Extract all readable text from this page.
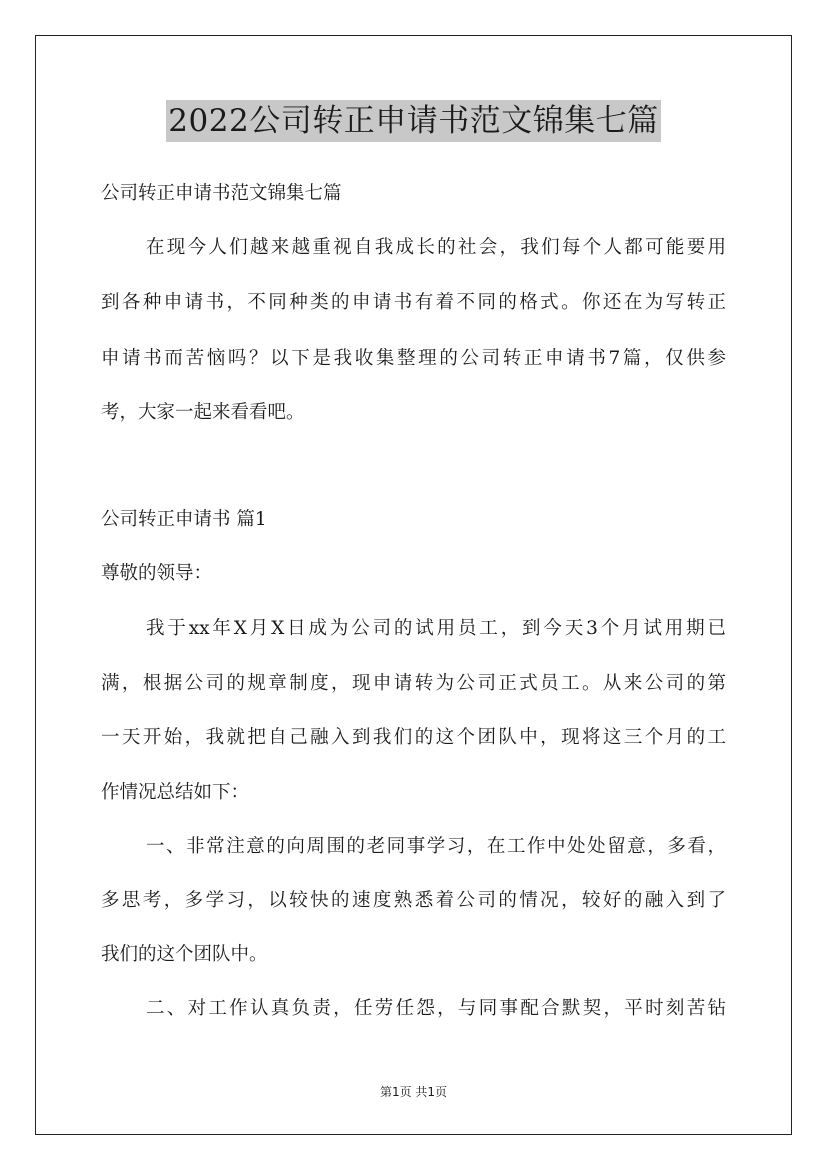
2022公司转正申请书范文锦集七篇
公司转正申请书范文锦集七篇
在现今人们越来越重视自我成长的社会，我们每个人都可能要用
到各种申请书，不同种类的申请书有着不同的格式。你还在为写转正
申请书而苦恼吗？以下是我收集整理的公司转正申请书7篇，仅供参
考，大家一起来看看吧。
公司转正申请书 篇1
尊敬的领导：
我于xx年X月X日成为公司的试用员工，到今天3个月试用期已
满，根据公司的规章制度，现申请转为公司正式员工。从来公司的第
一天开始，我就把自己融入到我们的这个团队中，现将这三个月的工
作情况总结如下：
一、非常注意的向周围的老同事学习，在工作中处处留意，多看，
多思考，多学习，以较快的速度熟悉着公司的情况，较好的融入到了
我们的这个团队中。
二、对工作认真负责，任劳任怨，与同事配合默契，平时刻苦钻
第1页 共1页
